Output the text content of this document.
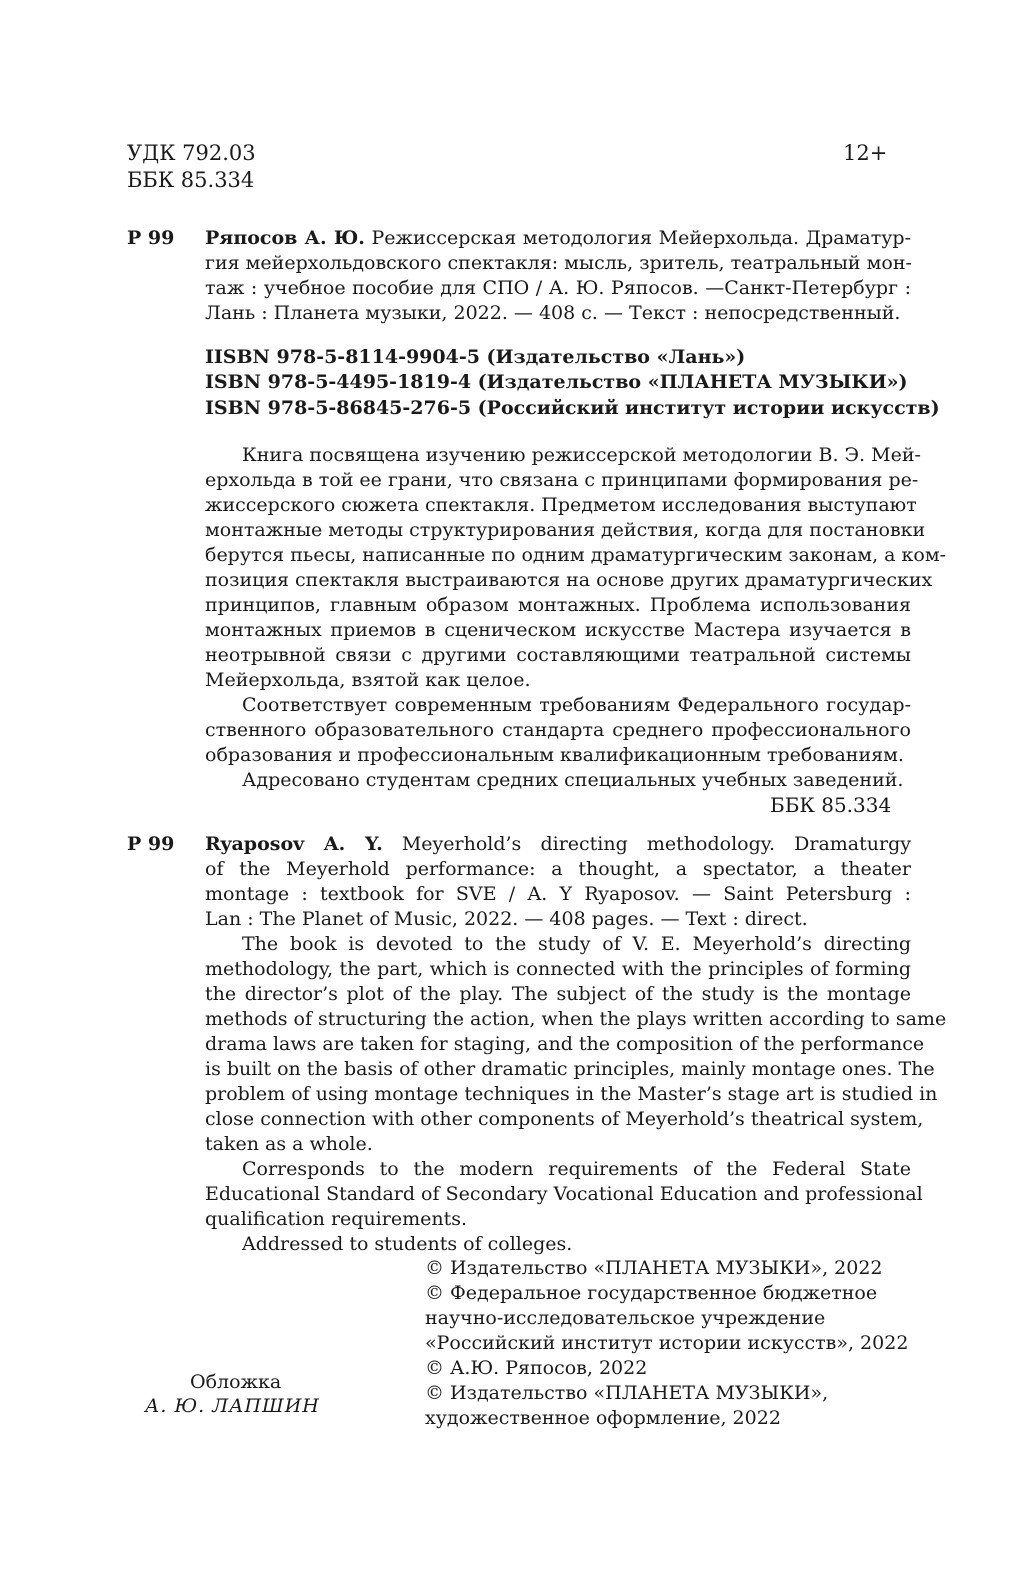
УДК 792.03
ББК 85.334
12+
Р 99 Ряпосов А. Ю. Режиссерская методология Мейерхольда. Драматур-
гия мейерхольдовского спектакля: мысль, зритель, театральный мон-
таж : учебное пособие для СПО / А. Ю. Ряпосов. —Санкт-Петербург :
Лань : Планета музыки, 2022. — 408 с. — Текст : непосредственный.
IISBN 978-5-8114-9904-5 (Издательство «Лань»)
ISBN 978-5-4495-1819-4 (Издательство «ПЛАНЕТА МУЗЫКИ»)
ISBN 978-5-86845-276-5 (Российский институт истории искусств)
Книга посвящена изучению режиссерской методологии В. Э. Мей-
ерхольда в той ее грани, что связана с принципами формирования ре-
жиссерского сюжета спектакля. Предметом исследования выступают
монтажные методы структурирования действия, когда для постановки
берутся пьесы, написанные по одним драматургическим законам, а ком-
позиция спектакля выстраиваются на основе других драматургических
принципов, главным образом монтажных. Проблема использования
монтажных приемов в сценическом искусстве Мастера изучается в
неотрывной связи с другими составляющими театральной системы
Мейерхольда, взятой как целое.
Соответствует современным требованиям Федерального государ-
ственного образовательного стандарта среднего профессионального
образования и профессиональным квалификационным требованиям.
Адресовано студентам средних специальных учебных заведений.
ББК 85.334
Р 99 Ryaposov A. Y. Meyerhold’s directing methodology. Dramaturgy
of the Meyerhold performance: a thought, a spectator, a theater
montage : textbook for SVE / A. Y Ryaposov. — Saint Petersburg :
Lan : The Planet of Music, 2022. — 408 pages. — Text : direct.
The book is devoted to the study of V. E. Meyerhold’s directing
methodology, the part, which is connected with the principles of forming
the director’s plot of the play. The subject of the study is the montage
methods of structuring the action, when the plays written according to same
drama laws are taken for staging, and the composition of the performance
is built on the basis of other dramatic principles, mainly montage ones. The
problem of using montage techniques in the Master’s stage art is studied in
close connection with other components of Meyerhold’s theatrical system,
taken as a whole.
Corresponds to the modern requirements of the Federal State
Educational Standard of Secondary Vocational Education and professional
qualification requirements.
Addressed to students of colleges.
© Издательство «ПЛАНЕТА МУЗЫКИ», 2022
© Федеральное государственное бюджетное
научно-исследовательское учреждение
«Российский институт истории искусств», 2022
© А.Ю. Ряпосов, 2022
© Издательство «ПЛАНЕТА МУЗЫКИ»,
художественное оформление, 2022
Обложка
А. Ю. ЛАПШИН
